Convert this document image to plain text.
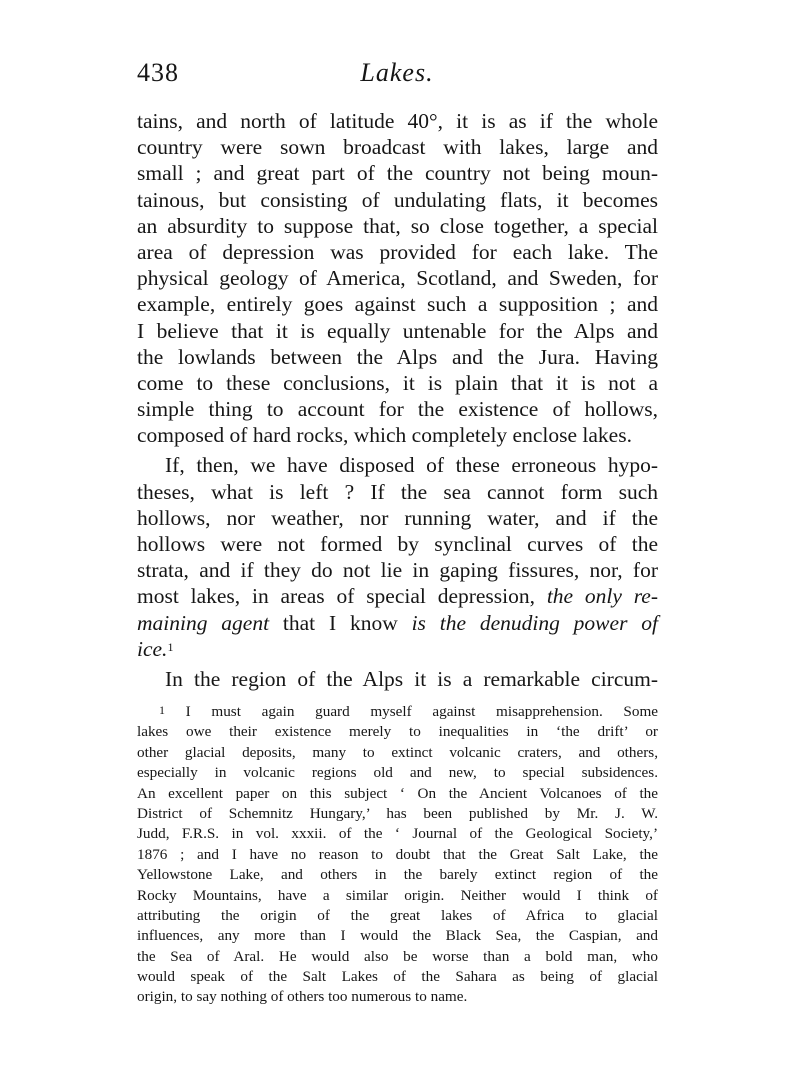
438	Lakes.
tains, and north of latitude 40°, it is as if the whole
country were sown broadcast with lakes, large and
small ; and great part of the country not being moun-
tainous, but consisting of undulating flats, it becomes
an absurdity to suppose that, so close together, a special
area of depression was provided for each lake. The
physical geology of America, Scotland, and Sweden, for
example, entirely goes against such a supposition ; and
I believe that it is equally untenable for the Alps and
the lowlands between the Alps and the Jura. Having
come to these conclusions, it is plain that it is not a
simple thing to account for the existence of hollows,
composed of hard rocks, which completely enclose lakes.
If, then, we have disposed of these erroneous hypo-
theses, what is left ? If the sea cannot form such
hollows, nor weather, nor running water, and if the
hollows were not formed by synclinal curves of the
strata, and if they do not lie in gaping fissures, nor, for
most lakes, in areas of special depression, the only re-
maining agent that I know is the denuding power of
ice.$^1$
In the region of the Alps it is a remarkable circum-
$^1$ I must again guard myself against misapprehension. Some
lakes owe their existence merely to inequalities in ‘the drift’ or
other glacial deposits, many to extinct volcanic craters, and others,
especially in volcanic regions old and new, to special subsidences.
An excellent paper on this subject ‘ On the Ancient Volcanoes of the
District of Schemnitz Hungary,’ has been published by Mr. J. W.
Judd, F.R.S. in vol. xxxii. of the ‘ Journal of the Geological Society,’
1876 ; and I have no reason to doubt that the Great Salt Lake, the
Yellowstone Lake, and others in the barely extinct region of the
Rocky Mountains, have a similar origin. Neither would I think of
attributing the origin of the great lakes of Africa to glacial
influences, any more than I would the Black Sea, the Caspian, and
the Sea of Aral. He would also be worse than a bold man, who
would speak of the Salt Lakes of the Sahara as being of glacial
origin, to say nothing of others too numerous to name.
